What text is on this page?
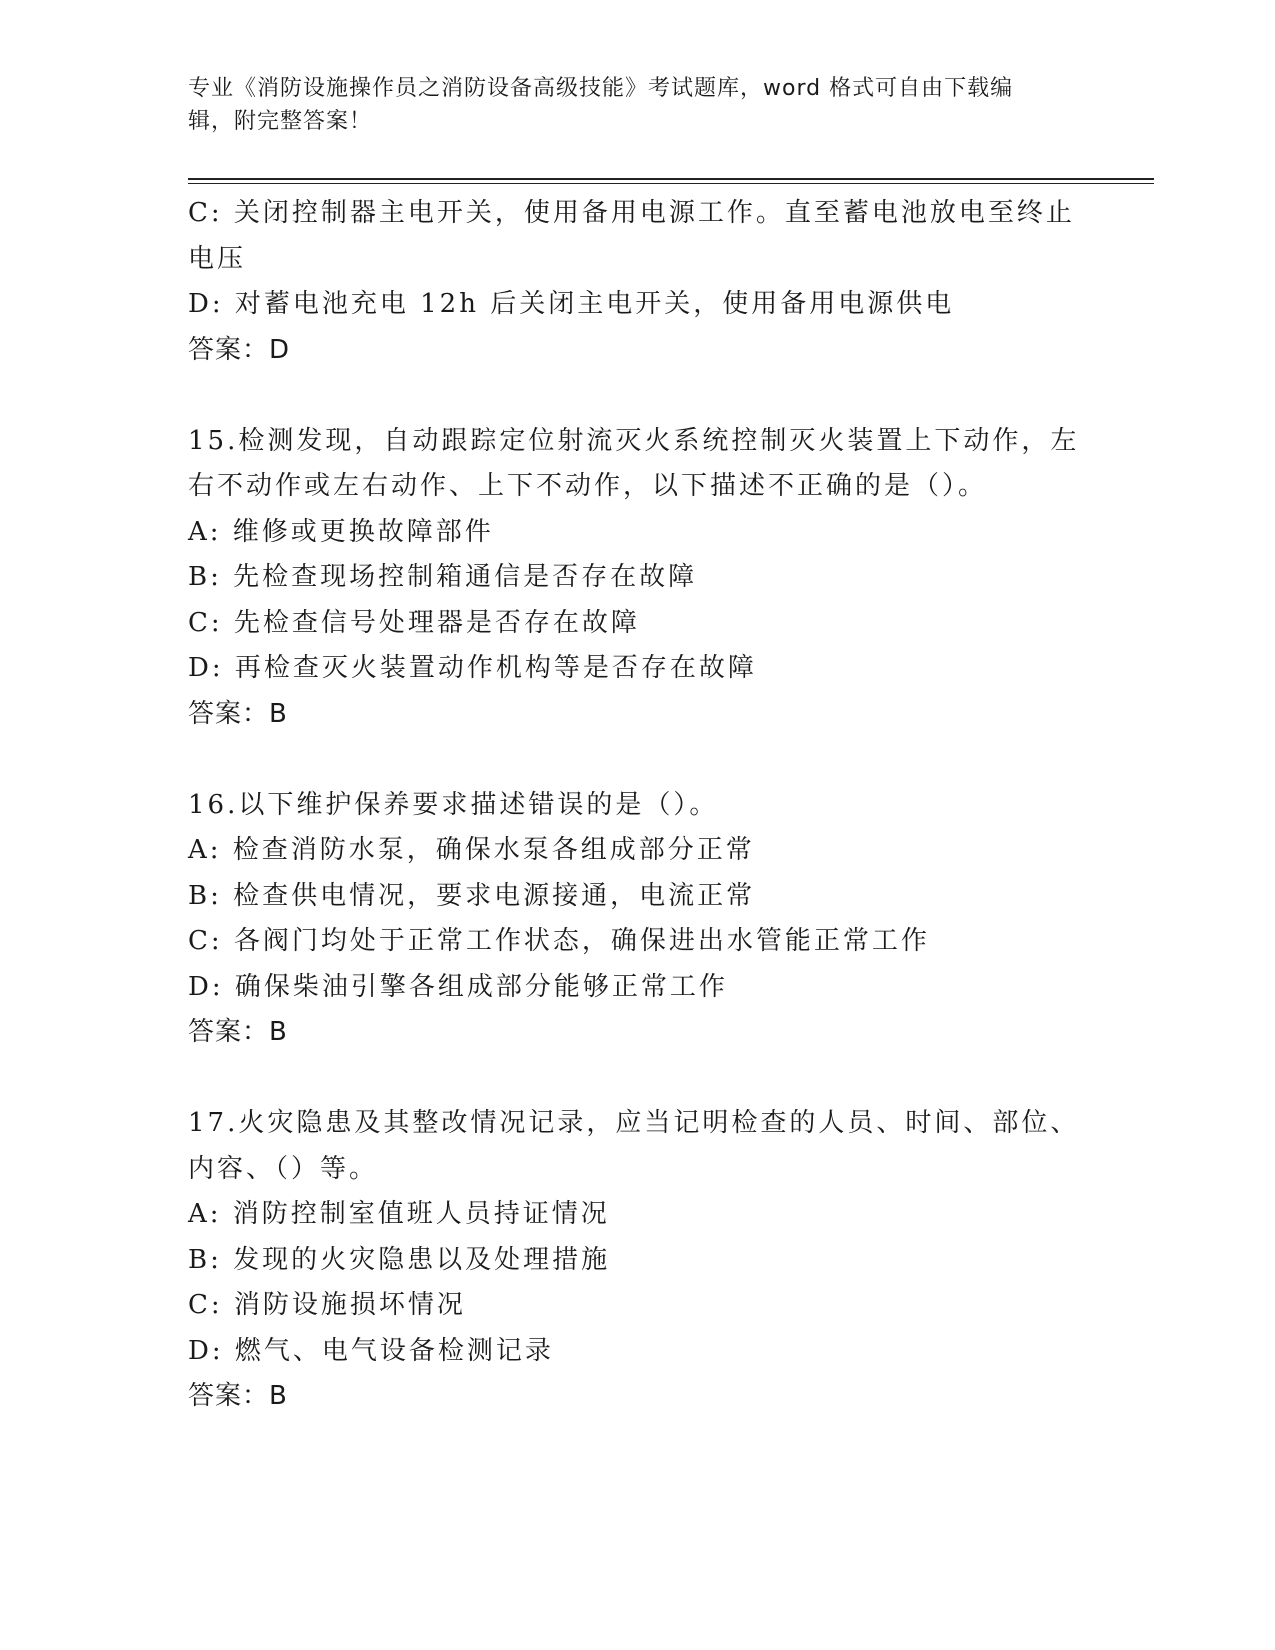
专业《消防设施操作员之消防设备高级技能》考试题库，word 格式可自由下载编
辑，附完整答案！
C: 关闭控制器主电开关，使用备用电源工作。直至蓄电池放电至终止
电压
D: 对蓄电池充电 12h 后关闭主电开关，使用备用电源供电
答案：D
15.检测发现，自动跟踪定位射流灭火系统控制灭火装置上下动作，左
右不动作或左右动作、上下不动作，以下描述不正确的是（）。
A: 维修或更换故障部件
B: 先检查现场控制箱通信是否存在故障
C: 先检查信号处理器是否存在故障
D: 再检查灭火装置动作机构等是否存在故障
答案：B
16.以下维护保养要求描述错误的是（）。
A: 检查消防水泵，确保水泵各组成部分正常
B: 检查供电情况，要求电源接通，电流正常
C: 各阀门均处于正常工作状态，确保进出水管能正常工作
D: 确保柴油引擎各组成部分能够正常工作
答案：B
17.火灾隐患及其整改情况记录，应当记明检查的人员、时间、部位、
内容、（）等。
A: 消防控制室值班人员持证情况
B: 发现的火灾隐患以及处理措施
C: 消防设施损坏情况
D: 燃气、电气设备检测记录
答案：B
